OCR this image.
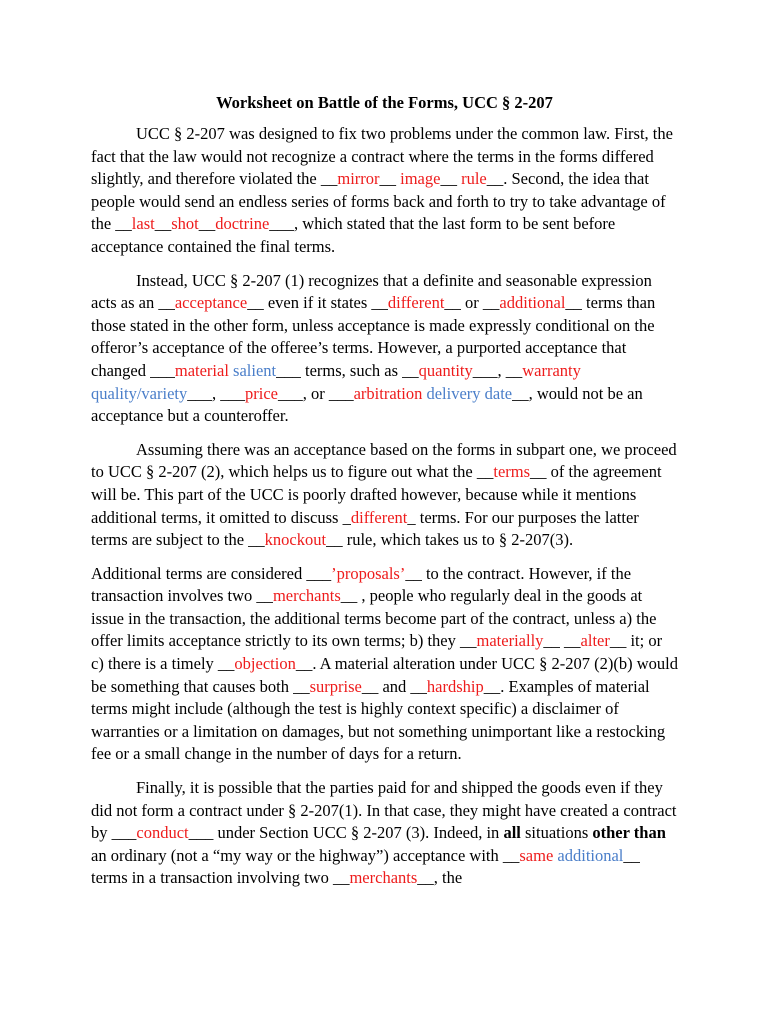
Worksheet on Battle of the Forms, UCC § 2-207

UCC § 2-207 was designed to fix two problems under the common law. First, the fact that the law would not recognize a contract where the terms in the forms differed slightly, and therefore violated the __mirror__ image__ rule__. Second, the idea that people would send an endless series of forms back and forth to try to take advantage of the __last__shot__doctrine___, which stated that the last form to be sent before acceptance contained the final terms.

Instead, UCC § 2-207 (1) recognizes that a definite and seasonable expression acts as an __acceptance__ even if it states __different__ or __additional__ terms than those stated in the other form, unless acceptance is made expressly conditional on the offeror’s acceptance of the offeree’s terms. However, a purported acceptance that changed ___material salient___ terms, such as __quantity___, __warranty quality/variety___, ___price___, or ___arbitration delivery date__, would not be an acceptance but a counteroffer.

Assuming there was an acceptance based on the forms in subpart one, we proceed to UCC § 2-207 (2), which helps us to figure out what the __terms__ of the agreement will be. This part of the UCC is poorly drafted however, because while it mentions additional terms, it omitted to discuss _different_ terms. For our purposes the latter terms are subject to the __knockout__ rule, which takes us to § 2-207(3).

Additional terms are considered ___’proposals’__ to the contract. However, if the transaction involves two __merchants__ , people who regularly deal in the goods at issue in the transaction, the additional terms become part of the contract, unless a) the offer limits acceptance strictly to its own terms; b) they __materially__ __alter__ it; or c) there is a timely __objection__. A material alteration under UCC § 2-207 (2)(b) would be something that causes both __surprise__ and __hardship__. Examples of material terms might include (although the test is highly context specific) a disclaimer of warranties or a limitation on damages, but not something unimportant like a restocking fee or a small change in the number of days for a return.

Finally, it is possible that the parties paid for and shipped the goods even if they did not form a contract under § 2-207(1). In that case, they might have created a contract by ___conduct___ under Section UCC § 2-207 (3). Indeed, in all situations other than an ordinary (not a “my way or the highway”) acceptance with __same additional__ terms in a transaction involving two __merchants__, the
